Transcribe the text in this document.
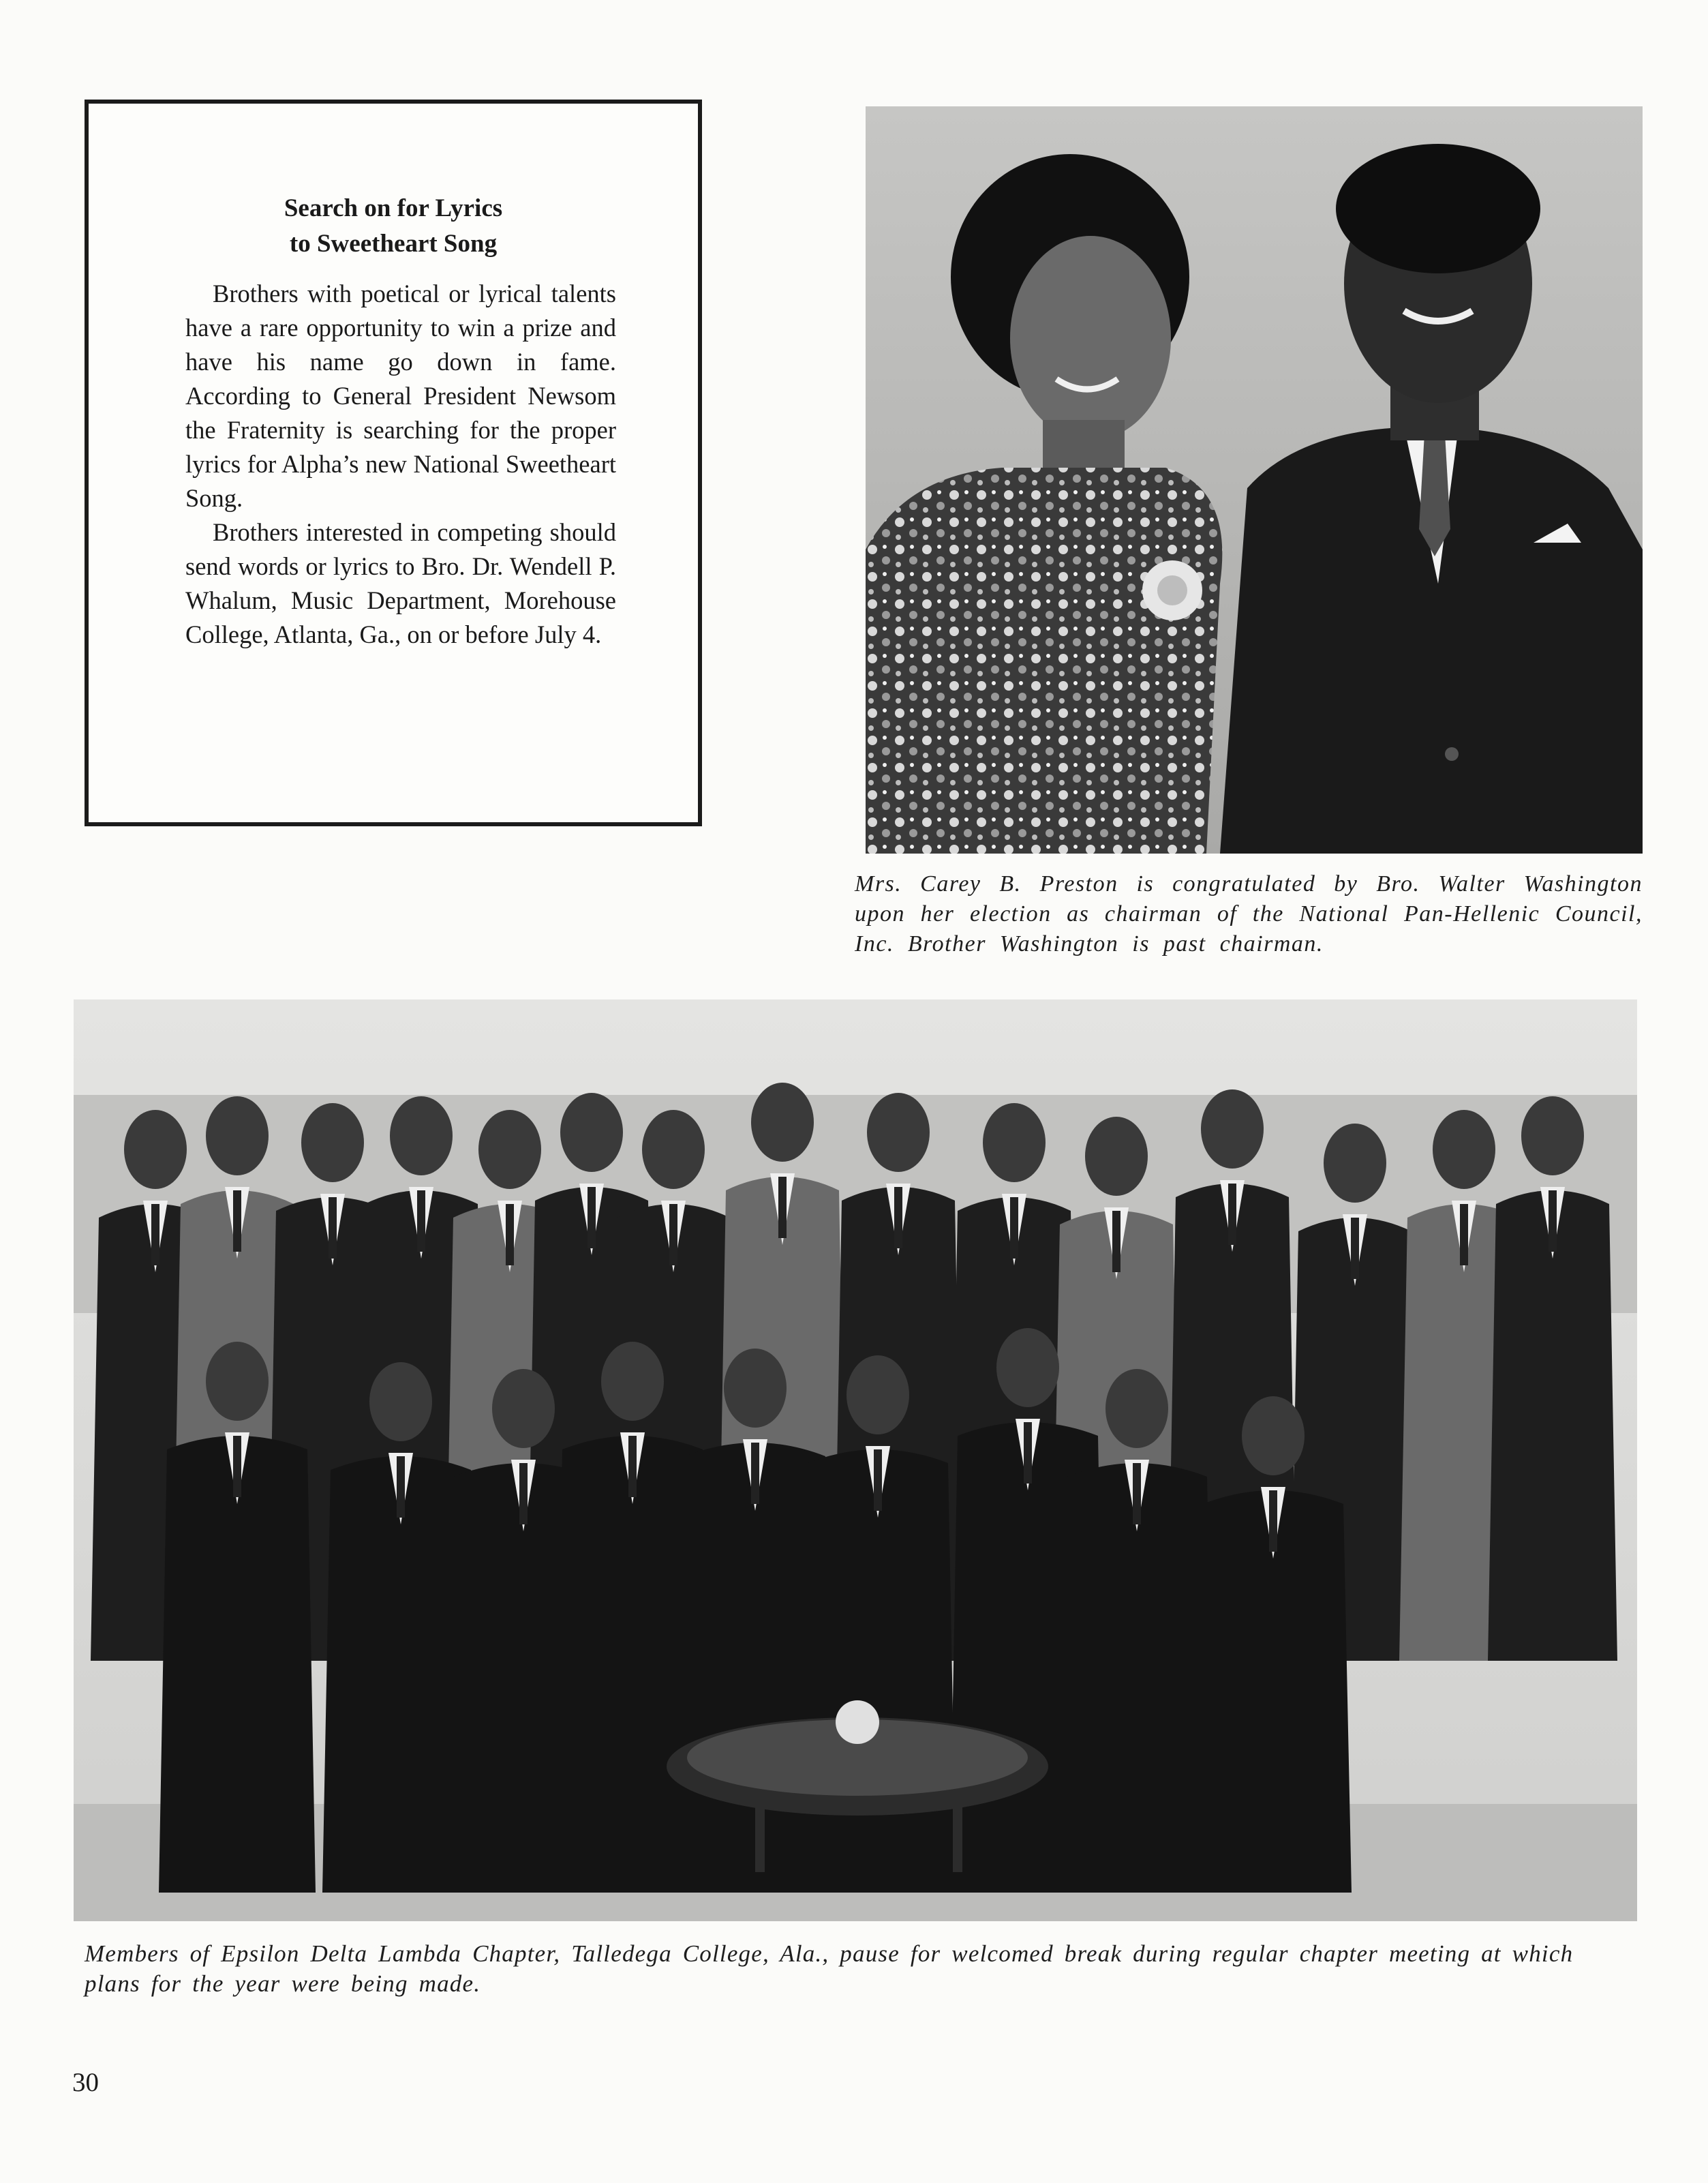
Search on for Lyrics
to Sweetheart Song

Brothers with poetical or lyrical talents have a rare opportunity to win a prize and have his name go down in fame. According to General President Newsom the Fraternity is searching for the proper lyrics for Alpha’s new National Sweetheart Song.

Brothers interested in competing should send words or lyrics to Bro. Dr. Wendell P. Whalum, Music Department, Morehouse College, Atlanta, Ga., on or before July 4.

Mrs. Carey B. Preston is congratulated by Bro. Walter Washington upon her election as chairman of the National Pan-Hellenic Council, Inc. Brother Washington is past chairman.
Members of Epsilon Delta Lambda Chapter, Talledega College, Ala., pause for welcomed break during regular chapter meeting at which plans for the year were being made.
30
